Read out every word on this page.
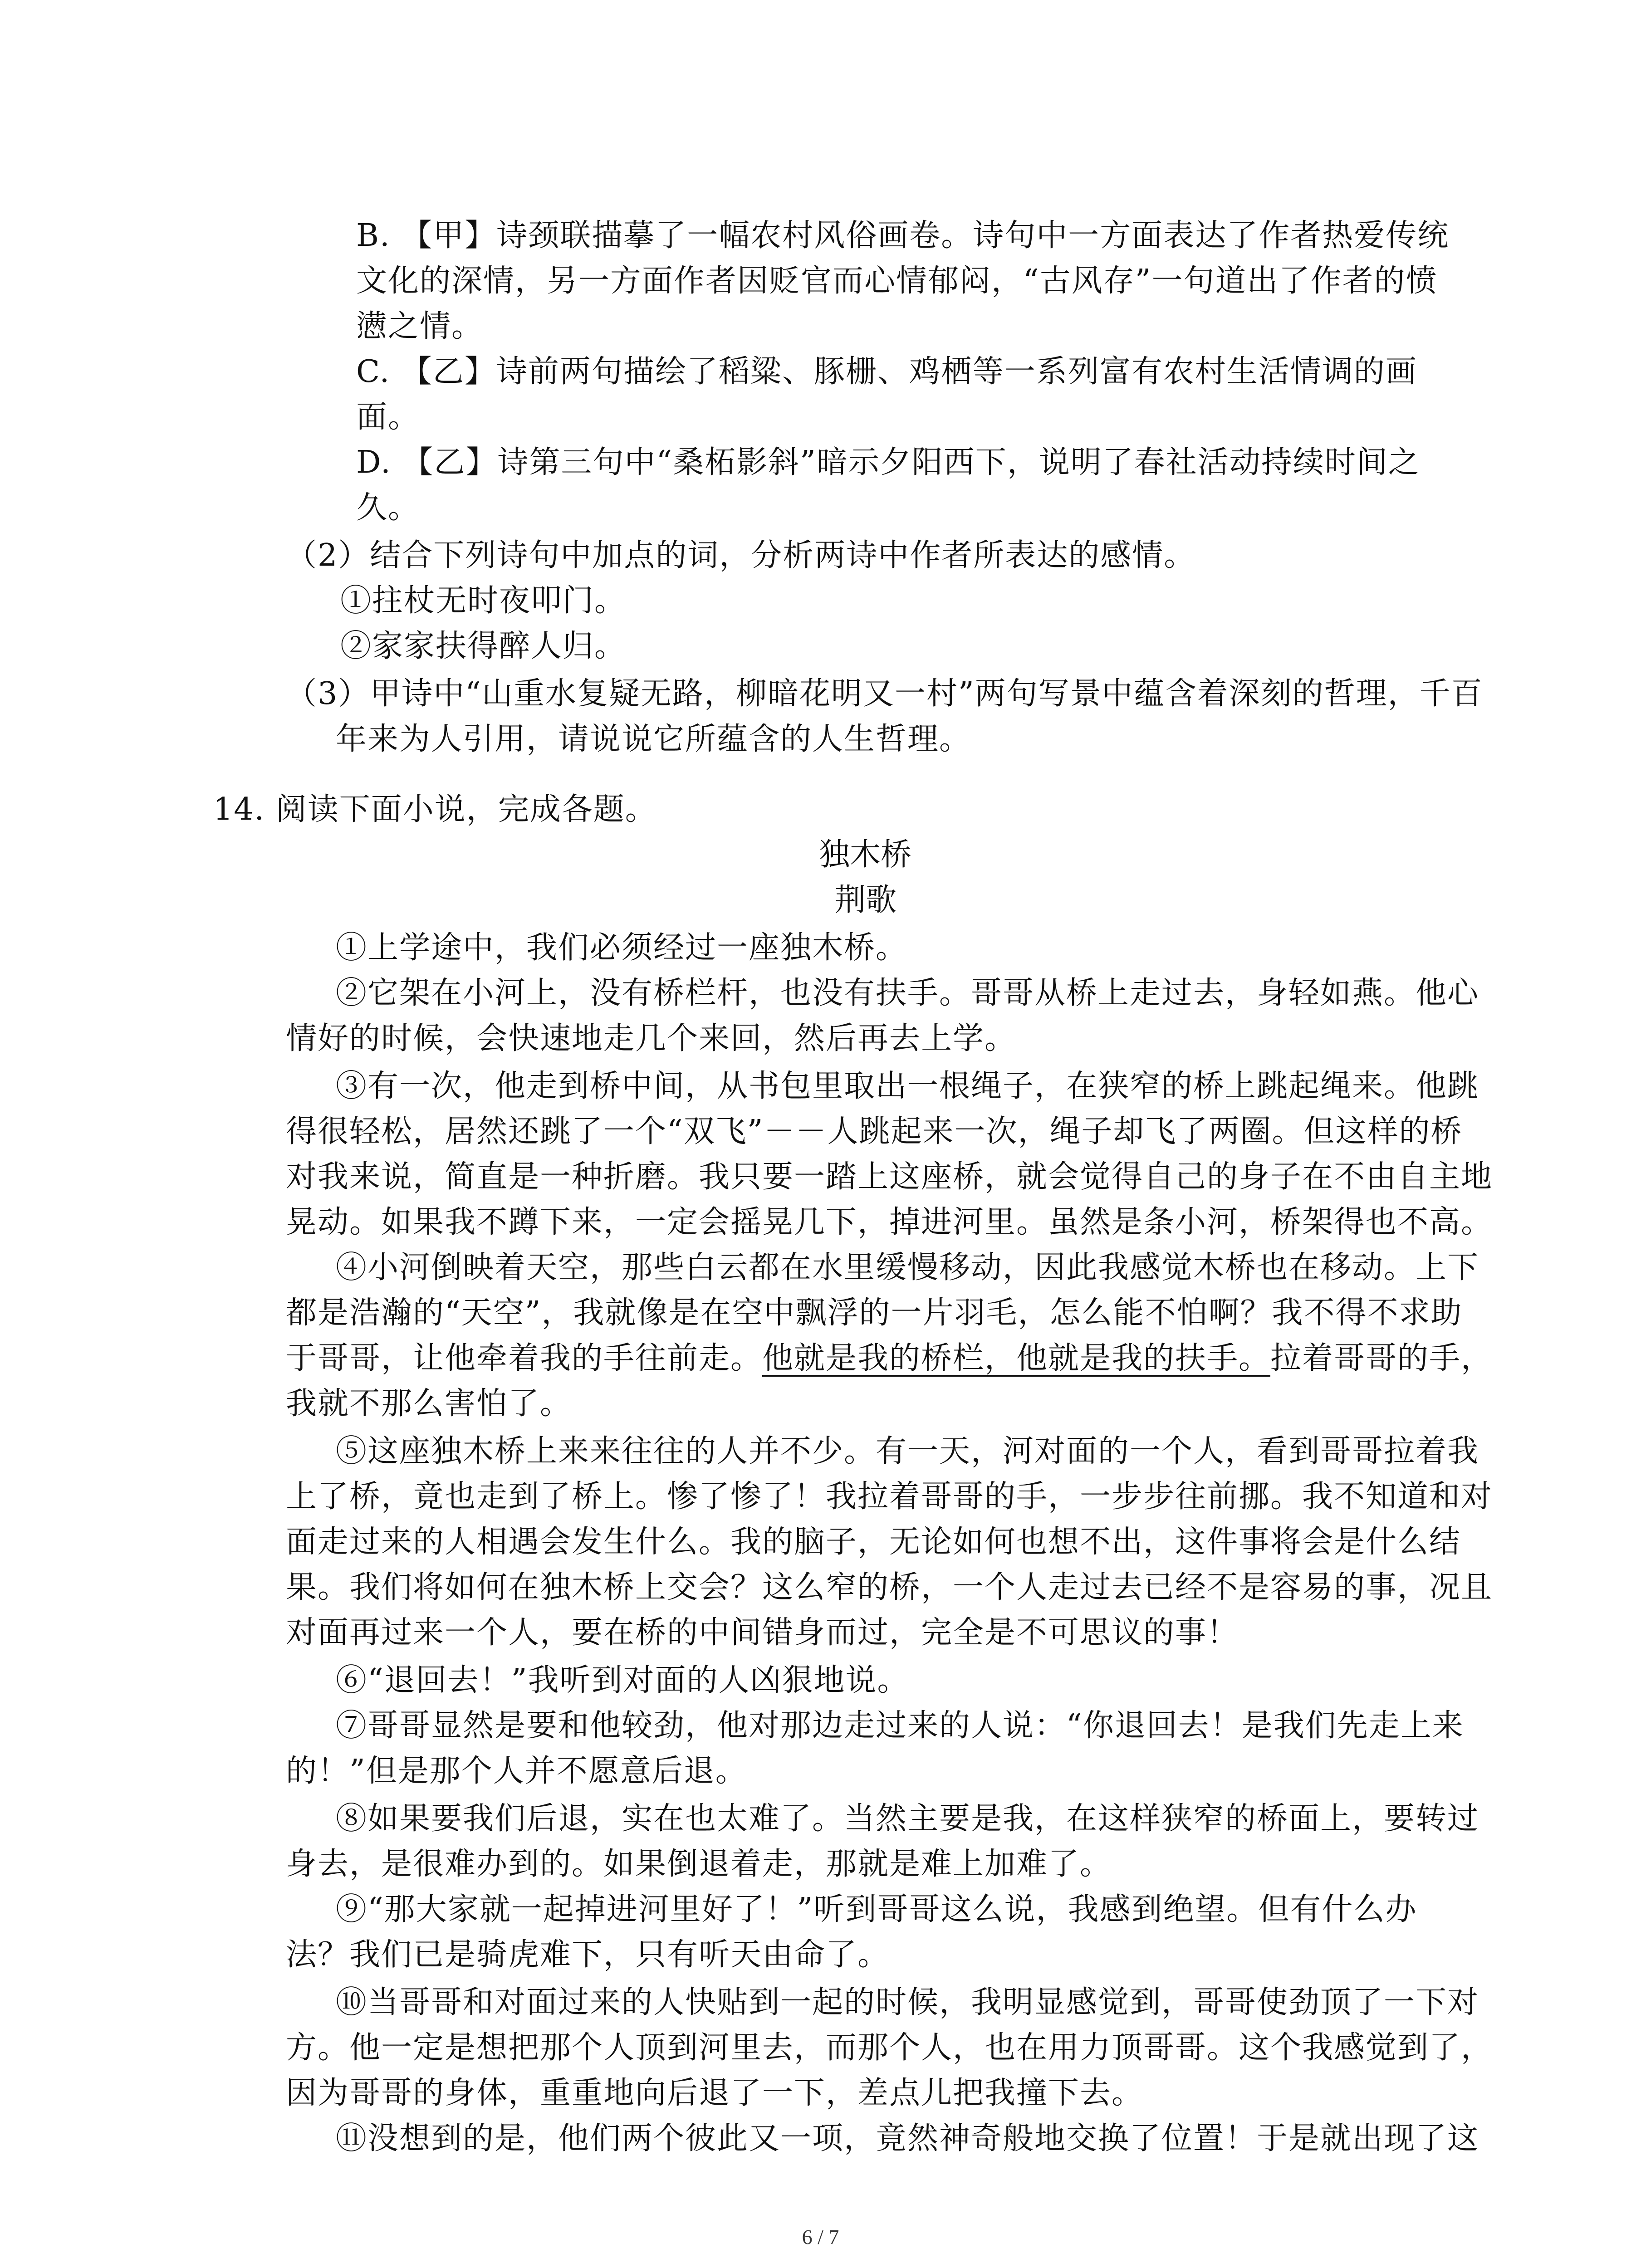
B. 【甲】诗颈联描摹了一幅农村风俗画卷。诗句中一方面表达了作者热爱传统
文化的深情，另一方面作者因贬官而心情郁闷，“古风存”一句道出了作者的愤
懑之情。
C. 【乙】诗前两句描绘了稻粱、豚栅、鸡栖等一系列富有农村生活情调的画
面。
D. 【乙】诗第三句中“桑柘影斜”暗示夕阳西下，说明了春社活动持续时间之
久。
（2）结合下列诗句中加点的词，分析两诗中作者所表达的感情。
①拄杖无时夜叩门。
②家家扶得醉人归。
（3）甲诗中“山重水复疑无路，柳暗花明又一村”两句写景中蕴含着深刻的哲理，千百
年来为人引用，请说说它所蕴含的人生哲理。
14. 阅读下面小说，完成各题。
独木桥
荆歌
①上学途中，我们必须经过一座独木桥。
②它架在小河上，没有桥栏杆，也没有扶手。哥哥从桥上走过去，身轻如燕。他心
情好的时候，会快速地走几个来回，然后再去上学。
③有一次，他走到桥中间，从书包里取出一根绳子，在狭窄的桥上跳起绳来。他跳
得很轻松，居然还跳了一个“双飞”－－人跳起来一次，绳子却飞了两圈。但这样的桥
对我来说，简直是一种折磨。我只要一踏上这座桥，就会觉得自己的身子在不由自主地
晃动。如果我不蹲下来，一定会摇晃几下，掉进河里。虽然是条小河，桥架得也不高。
④小河倒映着天空，那些白云都在水里缓慢移动，因此我感觉木桥也在移动。上下
都是浩瀚的“天空”，我就像是在空中飘浮的一片羽毛，怎么能不怕啊？我不得不求助
于哥哥，让他牵着我的手往前走。他就是我的桥栏，他就是我的扶手。拉着哥哥的手，
我就不那么害怕了。
⑤这座独木桥上来来往往的人并不少。有一天，河对面的一个人，看到哥哥拉着我
上了桥，竟也走到了桥上。惨了惨了！我拉着哥哥的手，一步步往前挪。我不知道和对
面走过来的人相遇会发生什么。我的脑子，无论如何也想不出，这件事将会是什么结
果。我们将如何在独木桥上交会？这么窄的桥，一个人走过去已经不是容易的事，况且
对面再过来一个人，要在桥的中间错身而过，完全是不可思议的事！
⑥“退回去！”我听到对面的人凶狠地说。
⑦哥哥显然是要和他较劲，他对那边走过来的人说：“你退回去！是我们先走上来
的！”但是那个人并不愿意后退。
⑧如果要我们后退，实在也太难了。当然主要是我，在这样狭窄的桥面上，要转过
身去，是很难办到的。如果倒退着走，那就是难上加难了。
⑨“那大家就一起掉进河里好了！”听到哥哥这么说，我感到绝望。但有什么办
法？我们已是骑虎难下，只有听天由命了。
⑩当哥哥和对面过来的人快贴到一起的时候，我明显感觉到，哥哥使劲顶了一下对
方。他一定是想把那个人顶到河里去，而那个人，也在用力顶哥哥。这个我感觉到了，
因为哥哥的身体，重重地向后退了一下，差点儿把我撞下去。
⑪没想到的是，他们两个彼此又一项，竟然神奇般地交换了位置！于是就出现了这
6 / 7
